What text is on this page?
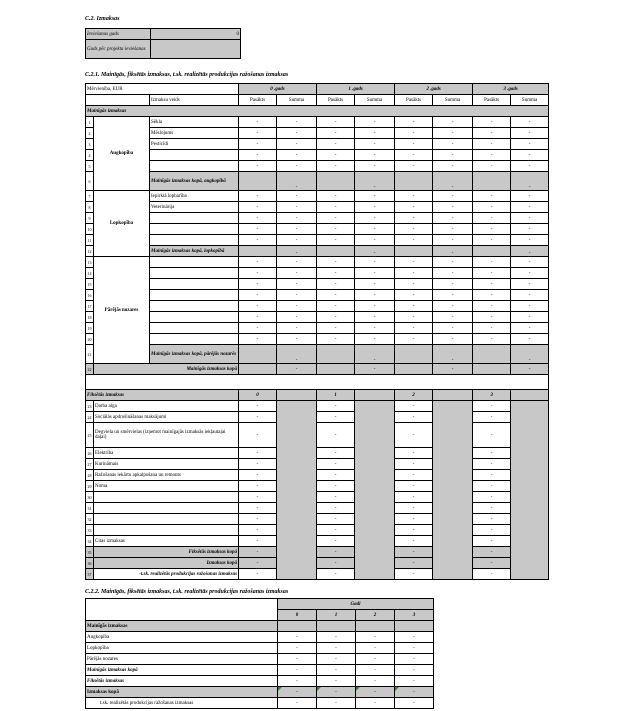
C.2. Izmaksas
Ieviešanas gads	0
Gads pēc projekta ieviešanas	
C.2.1. Mainīgās, fiksētās izmaksas, t.sk. realizētās produkcijas ražošanas izmaksas
Mērvienība, EUR			0 .gads		1 .gads		2 .gads		3 .gads	
		Izmaksu veids	Pasākts	Summa	Pasākts	Summa	Pasākts	Summa	Pasākts	Summa
Mainīgās izmaksas										
1	Augkopība	Sēkla	-	-	-	-	-	-	-	-
2		Mēslojums	-	-	-	-	-	-	-	-
3		Pesticīdi	-	-	-	-	-	-	-	-
4			-	-	-	-	-	-	-	-
5			-	-	-	-	-	-	-	-
6		Mainīgās izmaksas kopā, augkopībā		-		-		-		-
7	Lopkopība	Iepirktā lopbarība	-	-	-	-	-	-	-	-
8		Veterinārija	-	-	-	-	-	-	-	-
9			-	-	-	-	-	-	-	-
10			-	-	-	-	-	-	-	-
11			-	-	-	-	-	-	-	-
12		Mainīgās izmaksas kopā, lopkopībā		-		-		-		-
13	Pārējās nozares		-	-	-	-	-	-	-	-
14			-	-	-	-	-	-	-	-
15			-	-	-	-	-	-	-	-
16			-	-	-	-	-	-	-	-
17			-	-	-	-	-	-	-	-
18			-	-	-	-	-	-	-	-
19			-	-	-	-	-	-	-	-
20			-	-	-	-	-	-	-	-
21		Mainīgās izmaksas kopā, pārējās nozarēs		-		-		-		-
22	Mainīgās izmaksas kopā			-		-		-		-

Fiksētās izmaksas			0		1		2		3	
23	Darba alga		-		-		-		-	
24	Sociālās apdrošināšanas maksājumi		-		-		-		-	
25	Degviela un smērvielas (izņemot mainīgajās izmaksās iekļautajai daļai)		-		-		-		-	
26	Elektrība		-		-		-		-	
27	Kurināmais		-		-		-		-	
28	Ražošanas iekārtu apkalpošana un remonts		-		-		-		-	
29	Noma		-		-		-		-	
30			-		-		-		-	
31			-		-		-		-	
32			-		-		-		-	
33			-		-		-		-	
34	Citas izmaksas		-		-		-		-	
35	Fiksētās izmaksas kopā		-		-		-		-	
36	Izmaksas kopā		-		-		-		-	
37	-t.sk. realizētās produkcijas ražošanas izmaksas		-		-		-		-	
C.2.2. Mainīgās, fiksētās izmaksas, t.sk. realizētās produkcijas ražošanas izmaksas
	Gadi			
	0	1	2	3
Mainīgās izmaksas				
Augkopība	-	-	-	-
Lopkopība	-	-	-	-
Pārējās nozares	-	-	-	-
Mainīgās izmaksas kopā	-	-	-	-
Fiksētās izmaksas	-	-	-	-
Izmaksas kopā	-	-	-	-
t.sk. realizētās produkcijas ražošanas izmaksas	-	-	-	-
